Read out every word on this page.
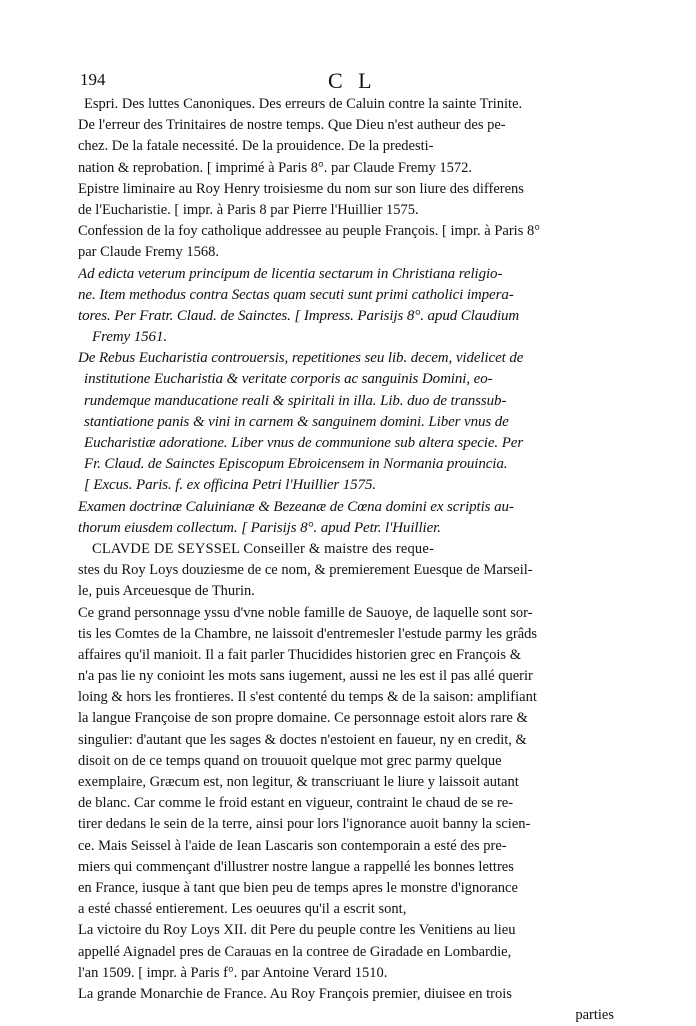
194	C L
Espri. Des luttes Canoniques. Des erreurs de Caluin contre la sainte Trinite.
De l'erreur des Trinitaires de nostre temps. Que Dieu n'est autheur des pe-
chez. De la fatale necessité. De la prouidence. De la predesti-
nation & reprobation. [ imprimé à Paris 8°. par Claude Fremy 1572.
Epistre liminaire au Roy Henry troisiesme du nom sur son liure des differens
de l'Eucharistie. [ impr. à Paris 8 par Pierre l'Huillier 1575.
Confession de la foy catholique addressee au peuple François. [ impr. à Paris 8°
par Claude Fremy 1568.
Ad edicta veterum principum de licentia sectarum in Christiana religio-
ne. Item methodus contra Sectas quam secuti sunt primi catholici impera-
tores. Per Fratr. Claud. de Sainctes. [ Impress. Parisijs 8°. apud Claudium
Fremy 1561.
De Rebus Eucharistia controuersis, repetitiones seu lib. decem, videlicet de
institutione Eucharistia & veritate corporis ac sanguinis Domini, eo-
rundemque manducatione reali & spiritali in illa. Lib. duo de transsub-
stantiatione panis & vini in carnem & sanguinem domini. Liber vnus de
Eucharistiæ adoratione. Liber vnus de communione sub altera specie. Per
Fr. Claud. de Sainctes Episcopum Ebroicensem in Normania prouincia.
[ Excus. Paris. f. ex officina Petri l'Huillier 1575.
Examen doctrinæ Caluinianæ & Bezeanæ de Cœna domini ex scriptis au-
thorum eiusdem collectum. [ Parisijs 8°. apud Petr. l'Huillier.
CLAVDE DE SEYSSEL Conseiller & maistre des reque-
stes du Roy Loys douziesme de ce nom, & premierement Euesque de Marseil-
le, puis Arceuesque de Thurin.
Ce grand personnage yssu d'vne noble famille de Sauoye, de laquelle sont sor-
tis les Comtes de la Chambre, ne laissoit d'entremesler l'estude parmy les grâds
affaires qu'il manioit. Il a fait parler Thucidides historien grec en François &
n'a pas lie ny conioint les mots sans iugement, aussi ne les est il pas allé querir
loing & hors les frontieres. Il s'est contenté du temps & de la saison: amplifiant
la langue Françoise de son propre domaine. Ce personnage estoit alors rare &
singulier: d'autant que les sages & doctes n'estoient en faueur, ny en credit, &
disoit on de ce temps quand on trouuoit quelque mot grec parmy quelque
exemplaire, Græcum est, non legitur, & transcriuant le liure y laissoit autant
de blanc. Car comme le froid estant en vigueur, contraint le chaud de se re-
tirer dedans le sein de la terre, ainsi pour lors l'ignorance auoit banny la scien-
ce. Mais Seissel à l'aide de Iean Lascaris son contemporain a esté des pre-
miers qui commençant d'illustrer nostre langue a rappellé les bonnes lettres
en France, iusque à tant que bien peu de temps apres le monstre d'ignorance
a esté chassé entierement. Les oeuures qu'il a escrit sont,
La victoire du Roy Loys XII. dit Pere du peuple contre les Venitiens au lieu
appellé Aignadel pres de Carauas en la contree de Giradade en Lombardie,
l'an 1509. [ impr. à Paris f°. par Antoine Verard 1510.
La grande Monarchie de France. Au Roy François premier, diuisee en trois
parties
